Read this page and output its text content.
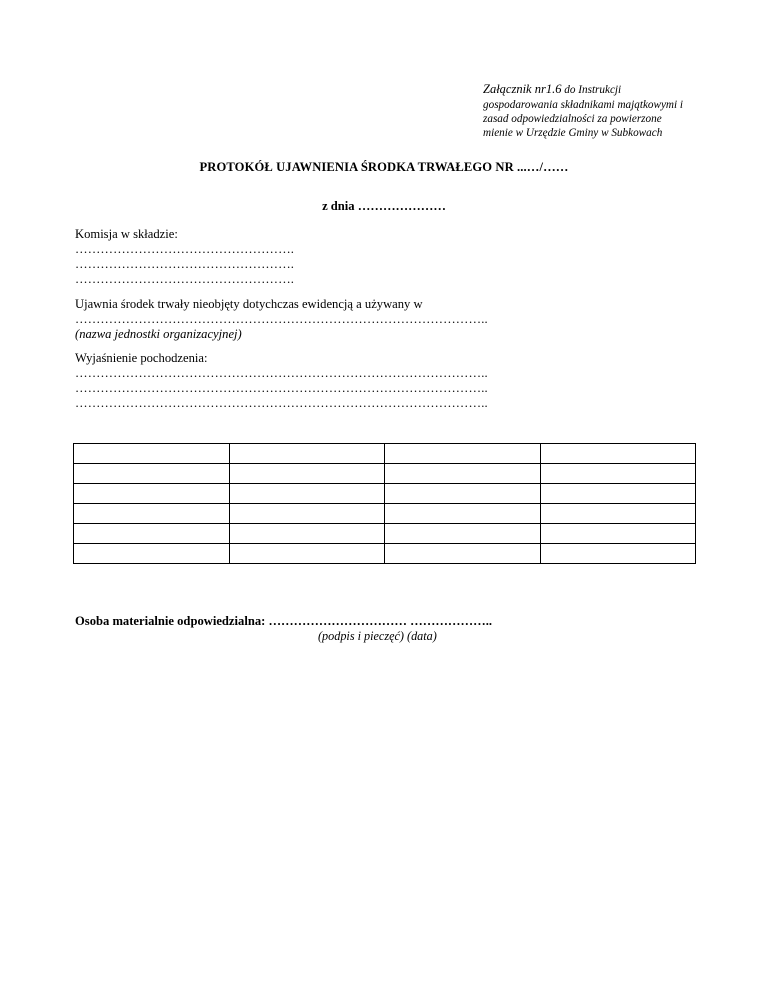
Załącznik nr1.6 do Instrukcji
gospodarowania składnikami majątkowymi i
zasad odpowiedzialności za powierzone
mienie w Urzędzie Gminy w Subkowach
PROTOKÓŁ UJAWNIENIA ŚRODKA TRWAŁEGO NR ...…/……
z dnia …………………
Komisja w składzie:
…………………………………………….
…………………………………………….
…………………………………………….
Ujawnia środek trwały nieobjęty dotychczas ewidencją a używany w
……………………………………………………………………………………..
(nazwa jednostki organizacyjnej)
Wyjaśnienie pochodzenia:
……………………………………………………………………………………..
……………………………………………………………………………………..
……………………………………………………………………………………..

Osoba materialnie odpowiedzialna: …………………………… ………………..
(podpis i pieczęć) (data)
